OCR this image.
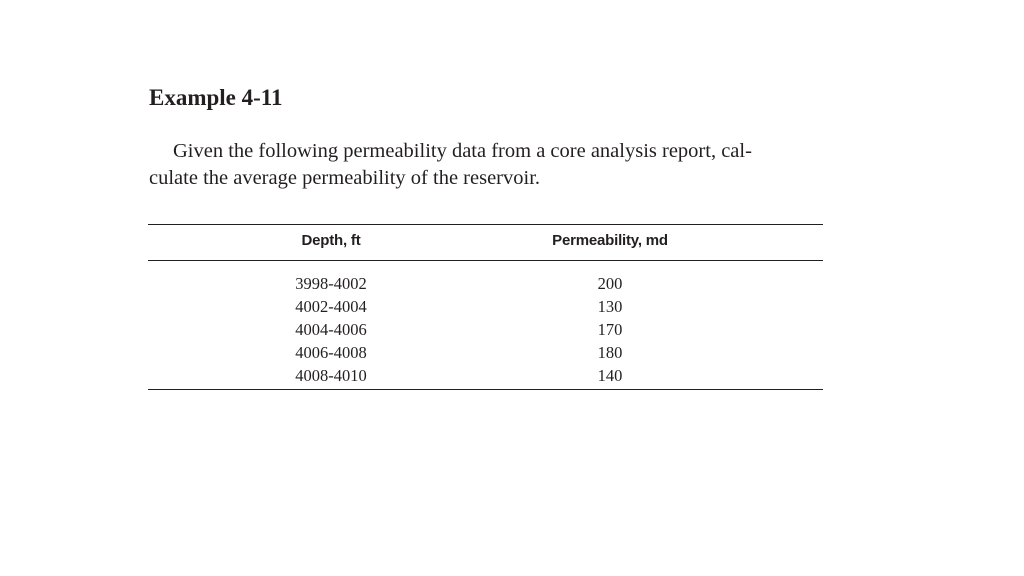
Example 4-11

Given the following permeability data from a core analysis report, cal-
culate the average permeability of the reservoir.

Depth, ft	Permeability, md
3998-4002
4002-4004
4004-4006
4006-4008
4008-4010
200
130
170
180
140
